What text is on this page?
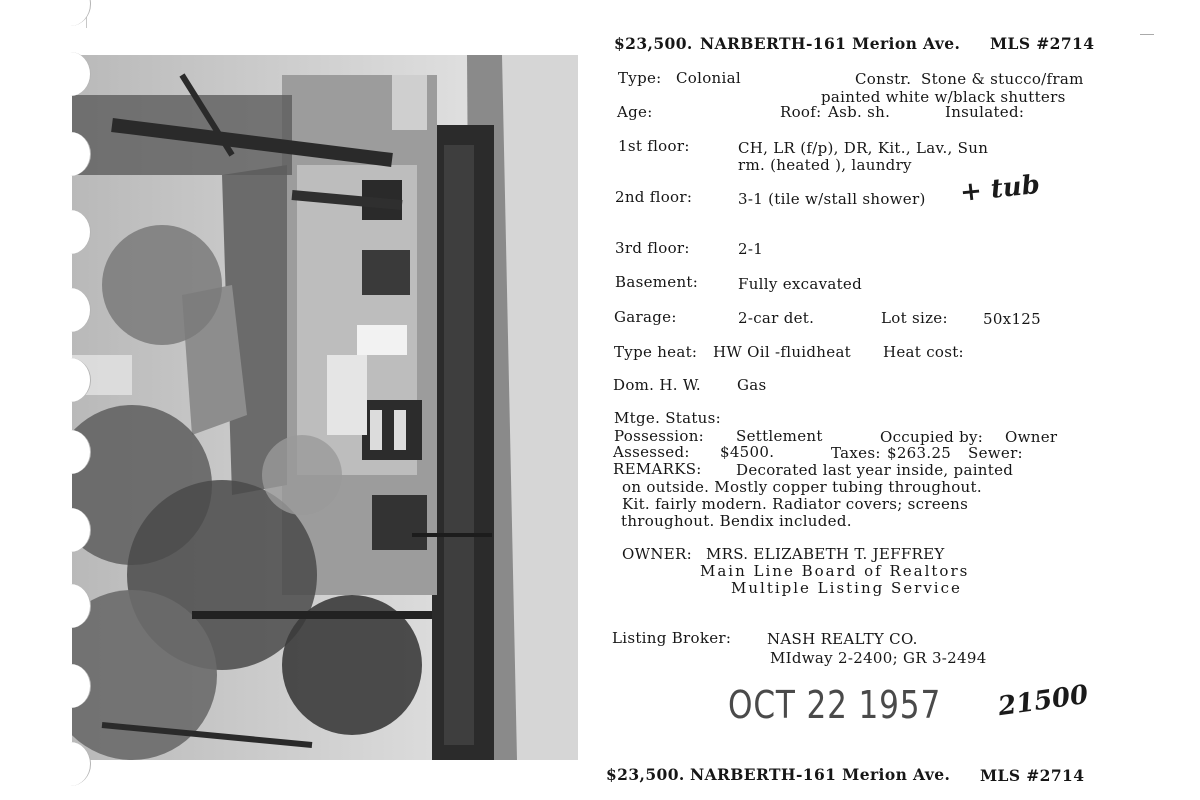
$23,500. NARBERTH-161 Merion Ave. MLS #2714
Type: Colonial	Constr. Stone & stucco/fram
painted white w/black shutters
Age:	Roof: Asb. sh.	Insulated:
1st floor:	CH, LR (f/p), DR, Kit., Lav., Sun
rm. (heated ), laundry
2nd floor:	3-1 (tile w/stall shower) + tub
3rd floor:	2-1
Basement:	Fully excavated
Garage:	2-car det.	Lot size: 50x125
Type heat: HW Oil -fluidheat Heat cost:
Dom. H. W. Gas
Mtge. Status:
Possession: Settlement	Occupied by: Owner
Assessed: $4500.	Taxes: $263.25 Sewer:
REMARKS: Decorated last year inside, painted
on outside. Mostly copper tubing throughout.
Kit. fairly modern. Radiator covers; screens
throughout. Bendix included.
OWNER: MRS. ELIZABETH T. JEFFREY
Main Line Board of Realtors
Multiple Listing Service
Listing Broker: NASH REALTY CO.
MIdway 2-2400; GR 3-2494
OCT 22 1957 21500
$23,500. NARBERTH-161 Merion Ave. MLS #2714
